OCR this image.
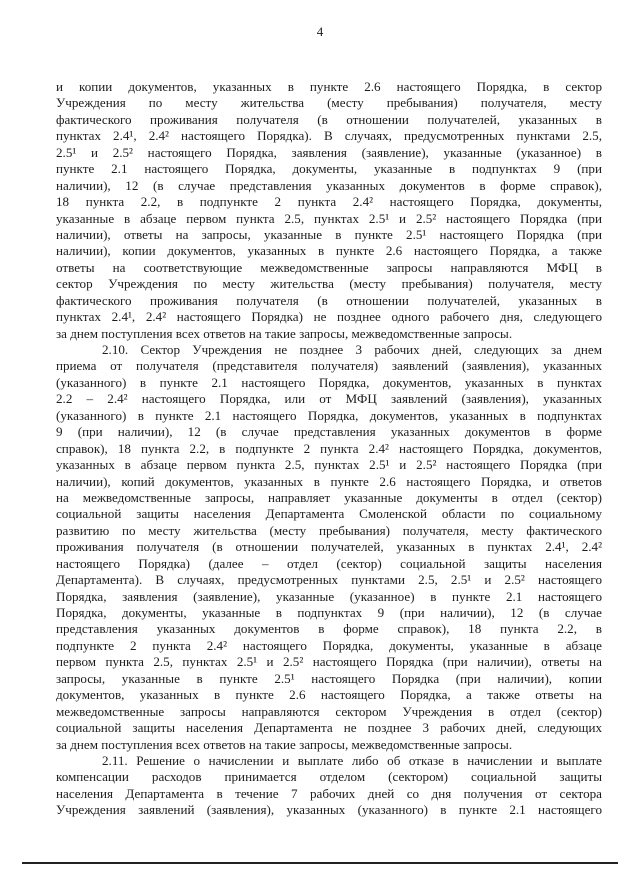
4
и копии документов, указанных в пункте 2.6 настоящего Порядка, в сектор
Учреждения по месту жительства (месту пребывания) получателя, месту
фактического проживания получателя (в отношении получателей, указанных в
пунктах 2.4¹, 2.4² настоящего Порядка). В случаях, предусмотренных пунктами 2.5,
2.5¹ и 2.5² настоящего Порядка, заявления (заявление), указанные (указанное) в
пункте 2.1 настоящего Порядка, документы, указанные в подпунктах 9 (при
наличии), 12 (в случае представления указанных документов в форме справок),
18 пункта 2.2, в подпункте 2 пункта 2.4² настоящего Порядка, документы,
указанные в абзаце первом пункта 2.5, пунктах 2.5¹ и 2.5² настоящего Порядка (при
наличии), ответы на запросы, указанные в пункте 2.5¹ настоящего Порядка (при
наличии), копии документов, указанных в пункте 2.6 настоящего Порядка, а также
ответы на соответствующие межведомственные запросы направляются МФЦ в
сектор Учреждения по месту жительства (месту пребывания) получателя, месту
фактического проживания получателя (в отношении получателей, указанных в
пунктах 2.4¹, 2.4² настоящего Порядка) не позднее одного рабочего дня, следующего
за днем поступления всех ответов на такие запросы, межведомственные запросы.
2.10. Сектор Учреждения не позднее 3 рабочих дней, следующих за днем
приема от получателя (представителя получателя) заявлений (заявления), указанных
(указанного) в пункте 2.1 настоящего Порядка, документов, указанных в пунктах
2.2 – 2.4² настоящего Порядка, или от МФЦ заявлений (заявления), указанных
(указанного) в пункте 2.1 настоящего Порядка, документов, указанных в подпунктах
9 (при наличии), 12 (в случае представления указанных документов в форме
справок), 18 пункта 2.2, в подпункте 2 пункта 2.4² настоящего Порядка, документов,
указанных в абзаце первом пункта 2.5, пунктах 2.5¹ и 2.5² настоящего Порядка (при
наличии), копий документов, указанных в пункте 2.6 настоящего Порядка, и ответов
на межведомственные запросы, направляет указанные документы в отдел (сектор)
социальной защиты населения Департамента Смоленской области по социальному
развитию по месту жительства (месту пребывания) получателя, месту фактического
проживания получателя (в отношении получателей, указанных в пунктах 2.4¹, 2.4²
настоящего Порядка) (далее – отдел (сектор) социальной защиты населения
Департамента). В случаях, предусмотренных пунктами 2.5, 2.5¹ и 2.5² настоящего
Порядка, заявления (заявление), указанные (указанное) в пункте 2.1 настоящего
Порядка, документы, указанные в подпунктах 9 (при наличии), 12 (в случае
представления указанных документов в форме справок), 18 пункта 2.2, в
подпункте 2 пункта 2.4² настоящего Порядка, документы, указанные в абзаце
первом пункта 2.5, пунктах 2.5¹ и 2.5² настоящего Порядка (при наличии), ответы на
запросы, указанные в пункте 2.5¹ настоящего Порядка (при наличии), копии
документов, указанных в пункте 2.6 настоящего Порядка, а также ответы на
межведомственные запросы направляются сектором Учреждения в отдел (сектор)
социальной защиты населения Департамента не позднее 3 рабочих дней, следующих
за днем поступления всех ответов на такие запросы, межведомственные запросы.
2.11. Решение о начислении и выплате либо об отказе в начислении и выплате
компенсации расходов принимается отделом (сектором) социальной защиты
населения Департамента в течение 7 рабочих дней со дня получения от сектора
Учреждения заявлений (заявления), указанных (указанного) в пункте 2.1 настоящего
